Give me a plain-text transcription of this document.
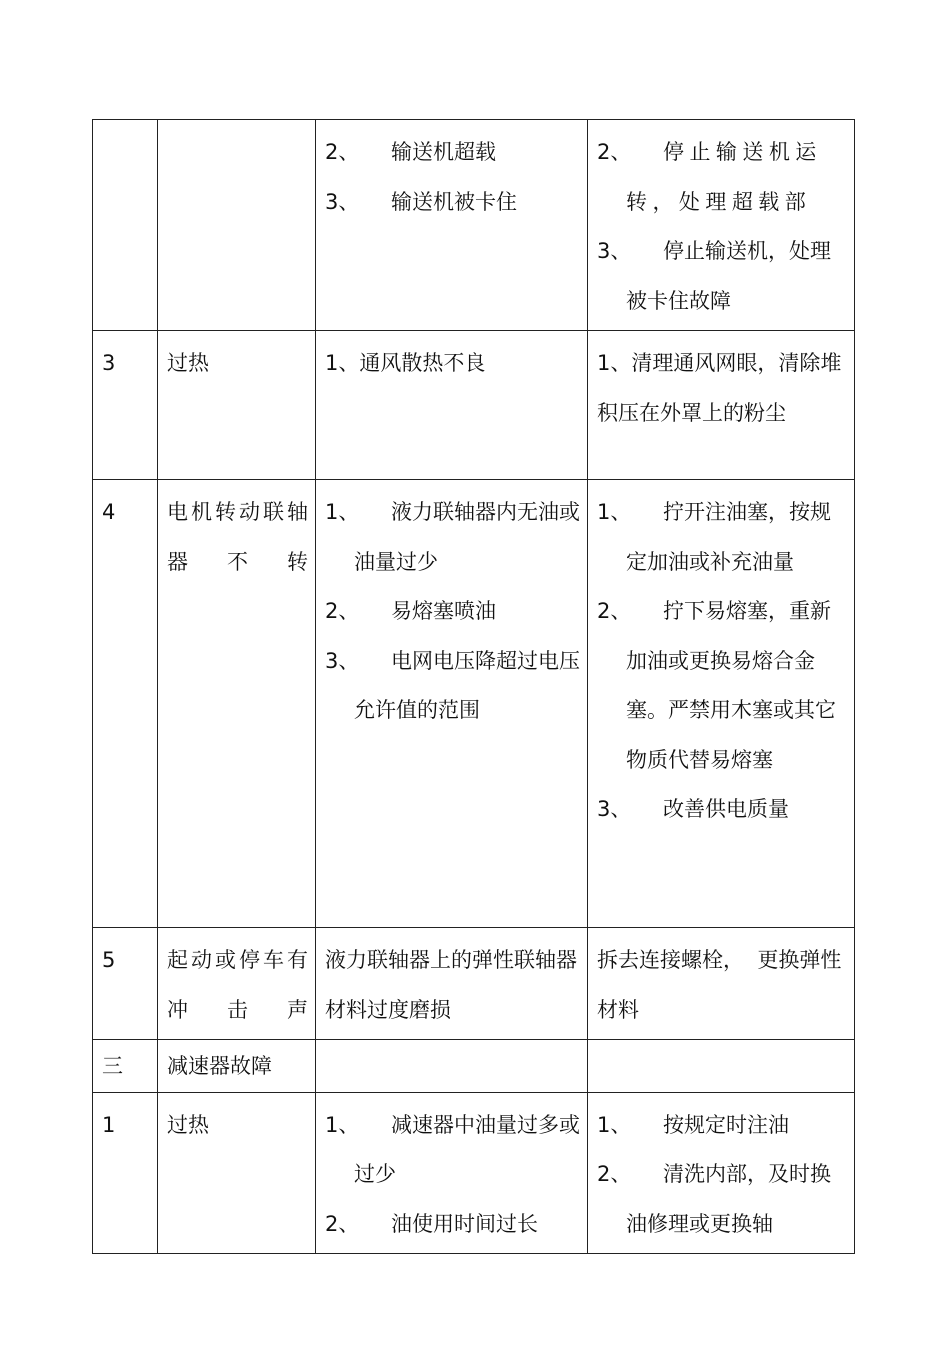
		2、 输送机超载
3、 输送机被卡住	2、 停止输送机运转，处理超载部
3、 停止输送机，处理被卡住故障

3	过热	1、通风散热不良	1、清理通风网眼，清除堆积压在外罩上的粉尘
4	电机转动联轴器不转	1、 液力联轴器内无油或油量过少
2、 易熔塞喷油
3、 电网电压降超过电压允许值的范围	1、 拧开注油塞，按规定加油或补充油量
2、 拧下易熔塞，重新加油或更换易熔合金塞。严禁用木塞或其它物质代替易熔塞
3、 改善供电质量

5	起动或停车有冲击声	液力联轴器上的弹性联轴器材料过度磨损	拆去连接螺栓，  更换弹性材料
三	减速器故障		
1	过热	1、 减速器中油量过多或过少
2、 油使用时间过长	1、 按规定时注油
2、 清洗内部，及时换油修理或更换轴
